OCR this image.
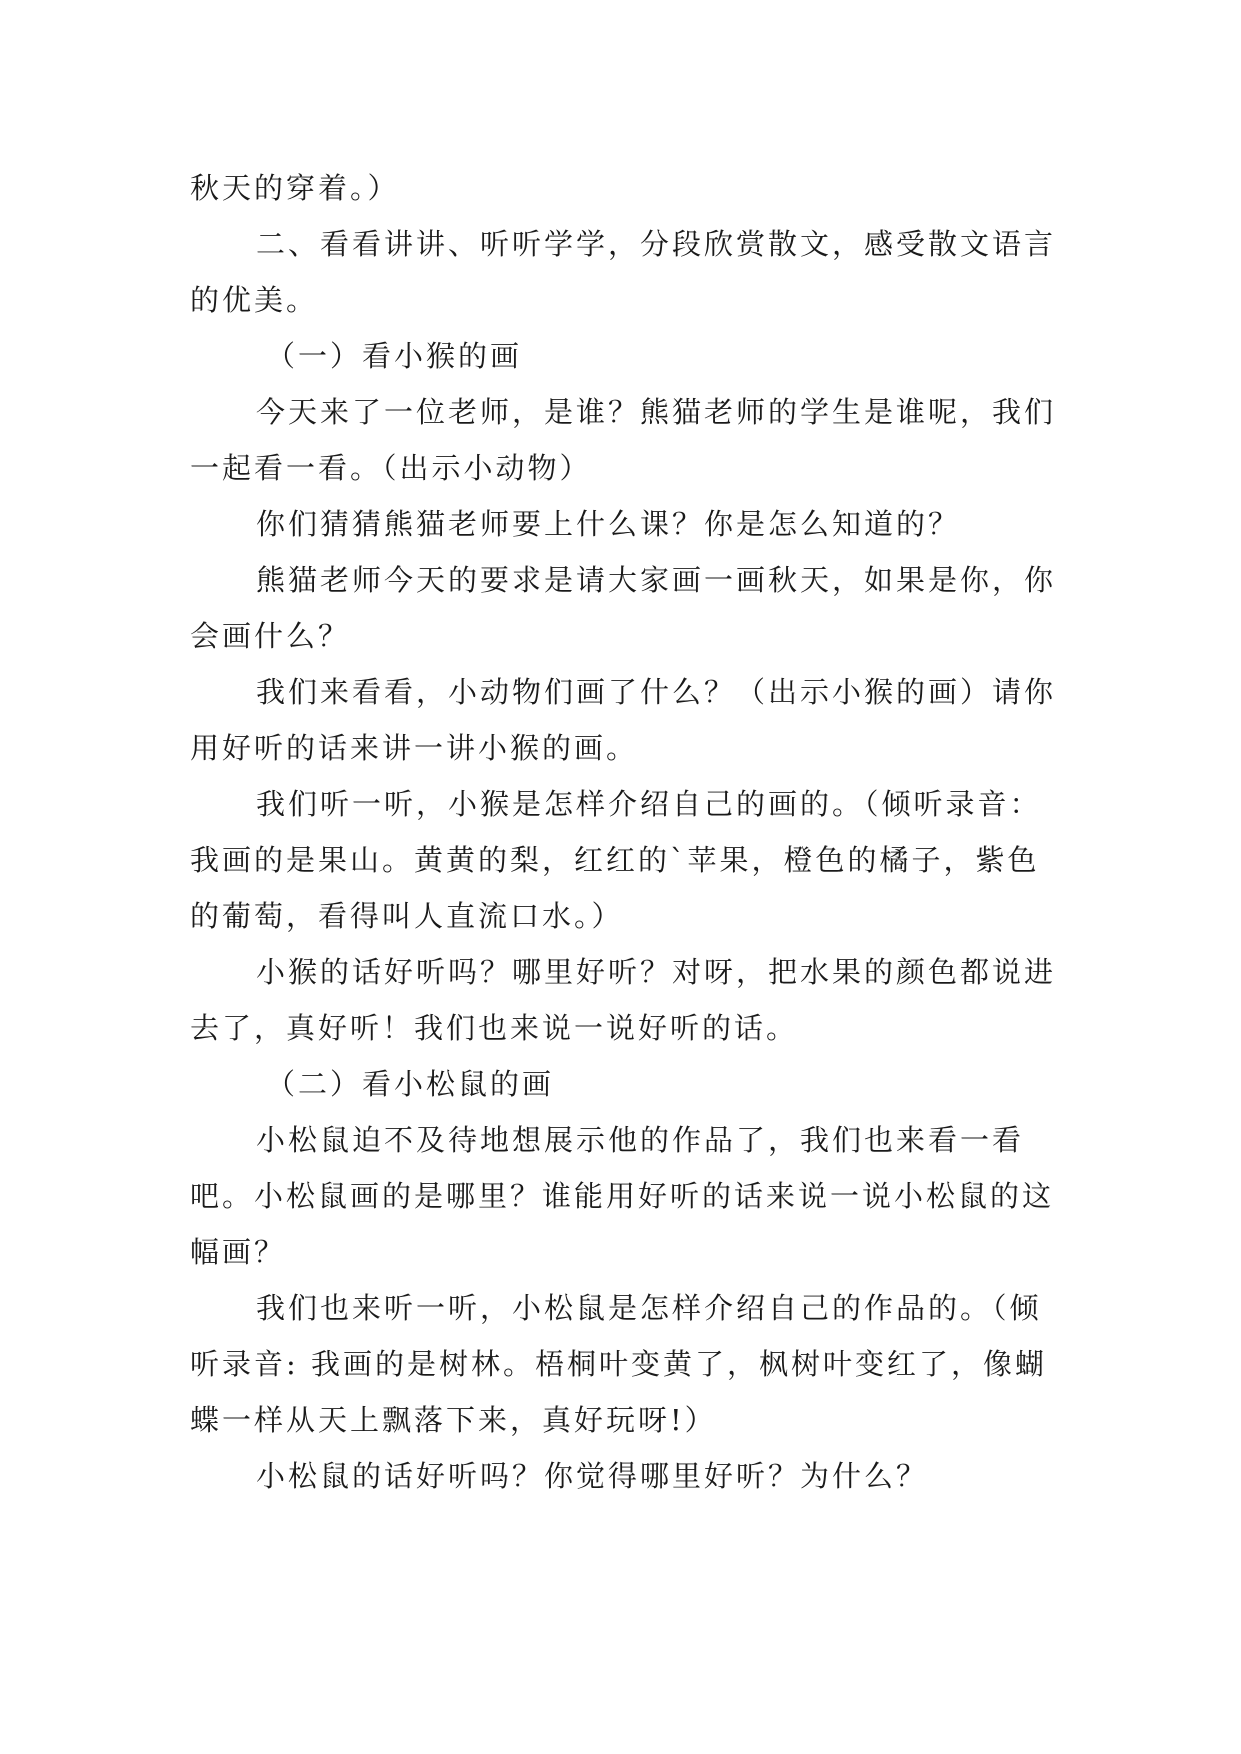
秋天的穿着。）

二、看看讲讲、听听学学，分段欣赏散文，感受散文语言的优美。

（一）看小猴的画

今天来了一位老师，是谁？熊猫老师的学生是谁呢，我们一起看一看。（出示小动物）

你们猜猜熊猫老师要上什么课？你是怎么知道的？

熊猫老师今天的要求是请大家画一画秋天，如果是你，你会画什么？

我们来看看，小动物们画了什么？（出示小猴的画）请你用好听的话来讲一讲小猴的画。

我们听一听，小猴是怎样介绍自己的画的。（倾听录音：我画的是果山。黄黄的梨，红红的`苹果，橙色的橘子，紫色的葡萄，看得叫人直流口水。）

小猴的话好听吗？哪里好听？对呀，把水果的颜色都说进去了，真好听！我们也来说一说好听的话。

（二）看小松鼠的画

小松鼠迫不及待地想展示他的作品了，我们也来看一看吧。小松鼠画的是哪里？谁能用好听的话来说一说小松鼠的这幅画？

我们也来听一听，小松鼠是怎样介绍自己的作品的。（倾听录音: 我画的是树林。梧桐叶变黄了，枫树叶变红了，像蝴蝶一样从天上飘落下来，真好玩呀!）

小松鼠的话好听吗？你觉得哪里好听？为什么？
